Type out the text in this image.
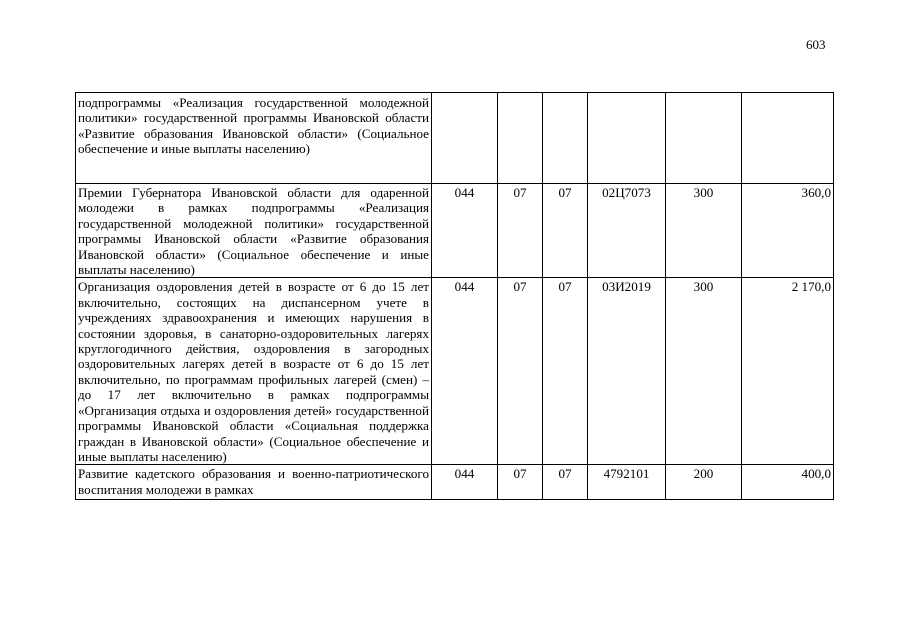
603
подпрограммы «Реализация государственной молодежной политики» государственной программы Ивановской области «Развитие образования Ивановской области» (Социальное обеспечение и иные выплаты населению)						
Премии Губернатора Ивановской области для одаренной молодежи в рамках подпрограммы «Реализация государственной молодежной политики» государственной программы Ивановской области «Развитие образования Ивановской области» (Социальное обеспечение и иные выплаты населению)	044	07	07	02Ц7073	300	360,0
Организация оздоровления детей в возрасте от 6 до 15 лет включительно, состоящих на диспансерном учете в учреждениях здравоохранения и имеющих нарушения в состоянии здоровья, в санаторно-оздоровительных лагерях круглогодичного действия, оздоровления в загородных оздоровительных лагерях детей в возрасте от 6 до 15 лет включительно, по программам профильных лагерей (смен) – до 17 лет включительно в рамках подпрограммы «Организация отдыха и оздоровления детей» государственной программы Ивановской области «Социальная поддержка граждан в Ивановской области» (Социальное обеспечение и иные выплаты населению)	044	07	07	03И2019	300	2 170,0
Развитие кадетского образования и военно-патриотического воспитания молодежи в рамках	044	07	07	4792101	200	400,0
